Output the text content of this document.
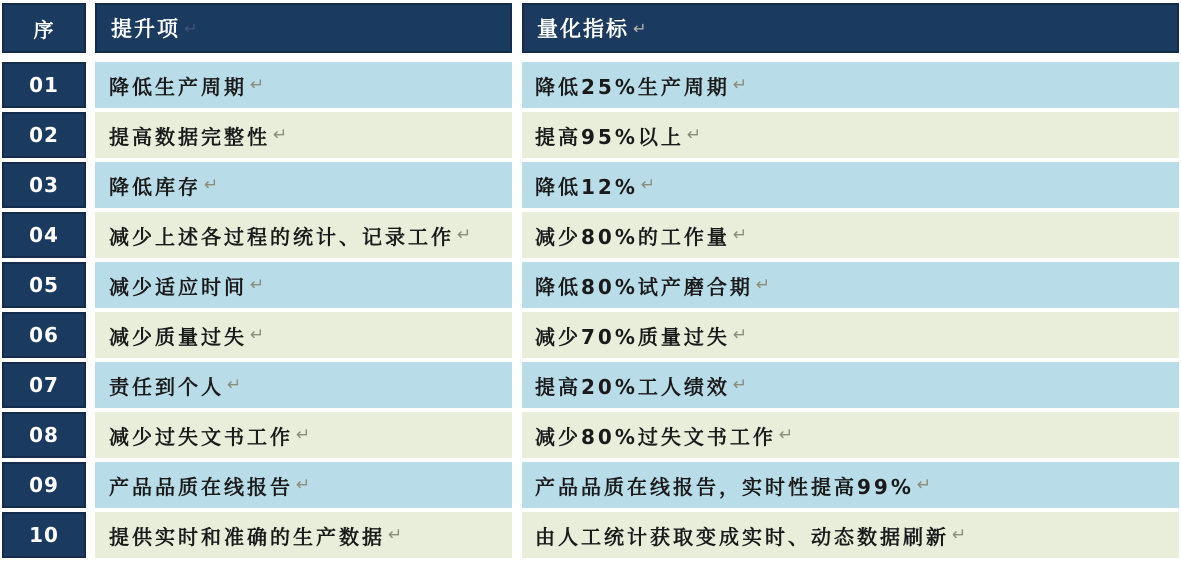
序	提升项 ↵	量化指标 ↵
01	降低生产周期 ↵	降低25%生产周期 ↵
02	提高数据完整性 ↵	提高95%以上 ↵
03	降低库存 ↵	降低12% ↵
04	减少上述各过程的统计、记录工作 ↵	减少80%的工作量 ↵
05	减少适应时间 ↵	降低80%试产磨合期 ↵
06	减少质量过失 ↵	减少70%质量过失 ↵
07	责任到个人 ↵	提高20%工人绩效 ↵
08	减少过失文书工作 ↵	减少80%过失文书工作 ↵
09	产品品质在线报告 ↵	产品品质在线报告，实时性提高99% ↵
10	提供实时和准确的生产数据 ↵	由人工统计获取变成实时、动态数据刷新 ↵
